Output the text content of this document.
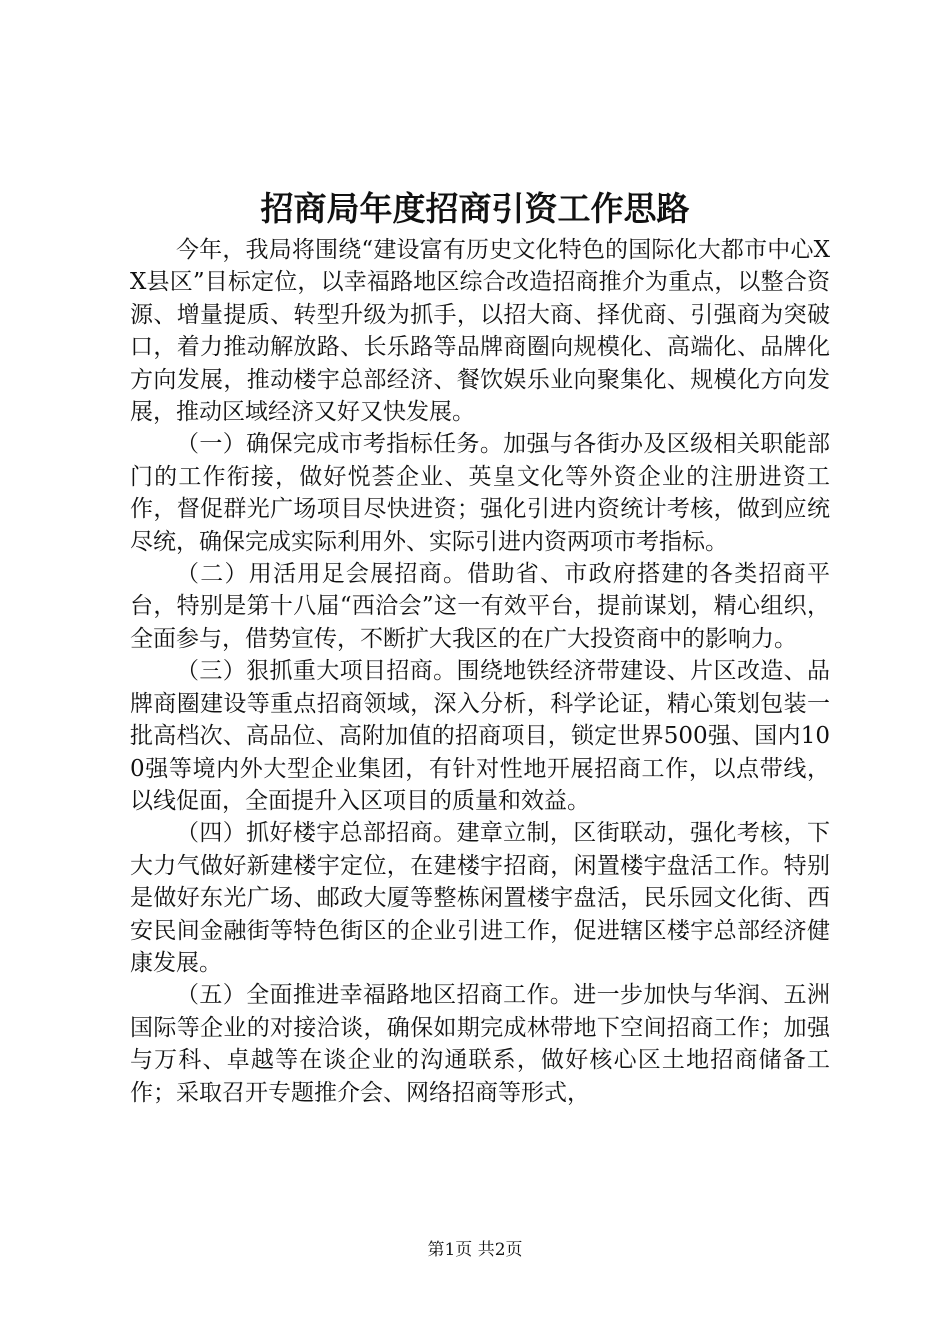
招商局年度招商引资工作思路

今年，我局将围绕“建设富有历史文化特色的国际化大都市中心XX县区”目标定位，以幸福路地区综合改造招商推介为重点，以整合资源、增量提质、转型升级为抓手，以招大商、择优商、引强商为突破口，着力推动解放路、长乐路等品牌商圈向规模化、高端化、品牌化方向发展，推动楼宇总部经济、餐饮娱乐业向聚集化、规模化方向发展，推动区域经济又好又快发展。

（一）确保完成市考指标任务。加强与各街办及区级相关职能部门的工作衔接，做好悦荟企业、英皇文化等外资企业的注册进资工作，督促群光广场项目尽快进资；强化引进内资统计考核，做到应统尽统，确保完成实际利用外、实际引进内资两项市考指标。

（二）用活用足会展招商。借助省、市政府搭建的各类招商平台，特别是第十八届“西洽会”这一有效平台，提前谋划，精心组织，全面参与，借势宣传，不断扩大我区的在广大投资商中的影响力。

（三）狠抓重大项目招商。围绕地铁经济带建设、片区改造、品牌商圈建设等重点招商领域，深入分析，科学论证，精心策划包装一批高档次、高品位、高附加值的招商项目，锁定世界500强、国内100强等境内外大型企业集团，有针对性地开展招商工作，以点带线，以线促面，全面提升入区项目的质量和效益。

（四）抓好楼宇总部招商。建章立制，区街联动，强化考核，下大力气做好新建楼宇定位，在建楼宇招商，闲置楼宇盘活工作。特别是做好东光广场、邮政大厦等整栋闲置楼宇盘活，民乐园文化街、西安民间金融街等特色街区的企业引进工作，促进辖区楼宇总部经济健康发展。

（五）全面推进幸福路地区招商工作。进一步加快与华润、五洲国际等企业的对接洽谈，确保如期完成林带地下空间招商工作；加强与万科、卓越等在谈企业的沟通联系，做好核心区土地招商储备工作；采取召开专题推介会、网络招商等形式，

第1页 共2页
